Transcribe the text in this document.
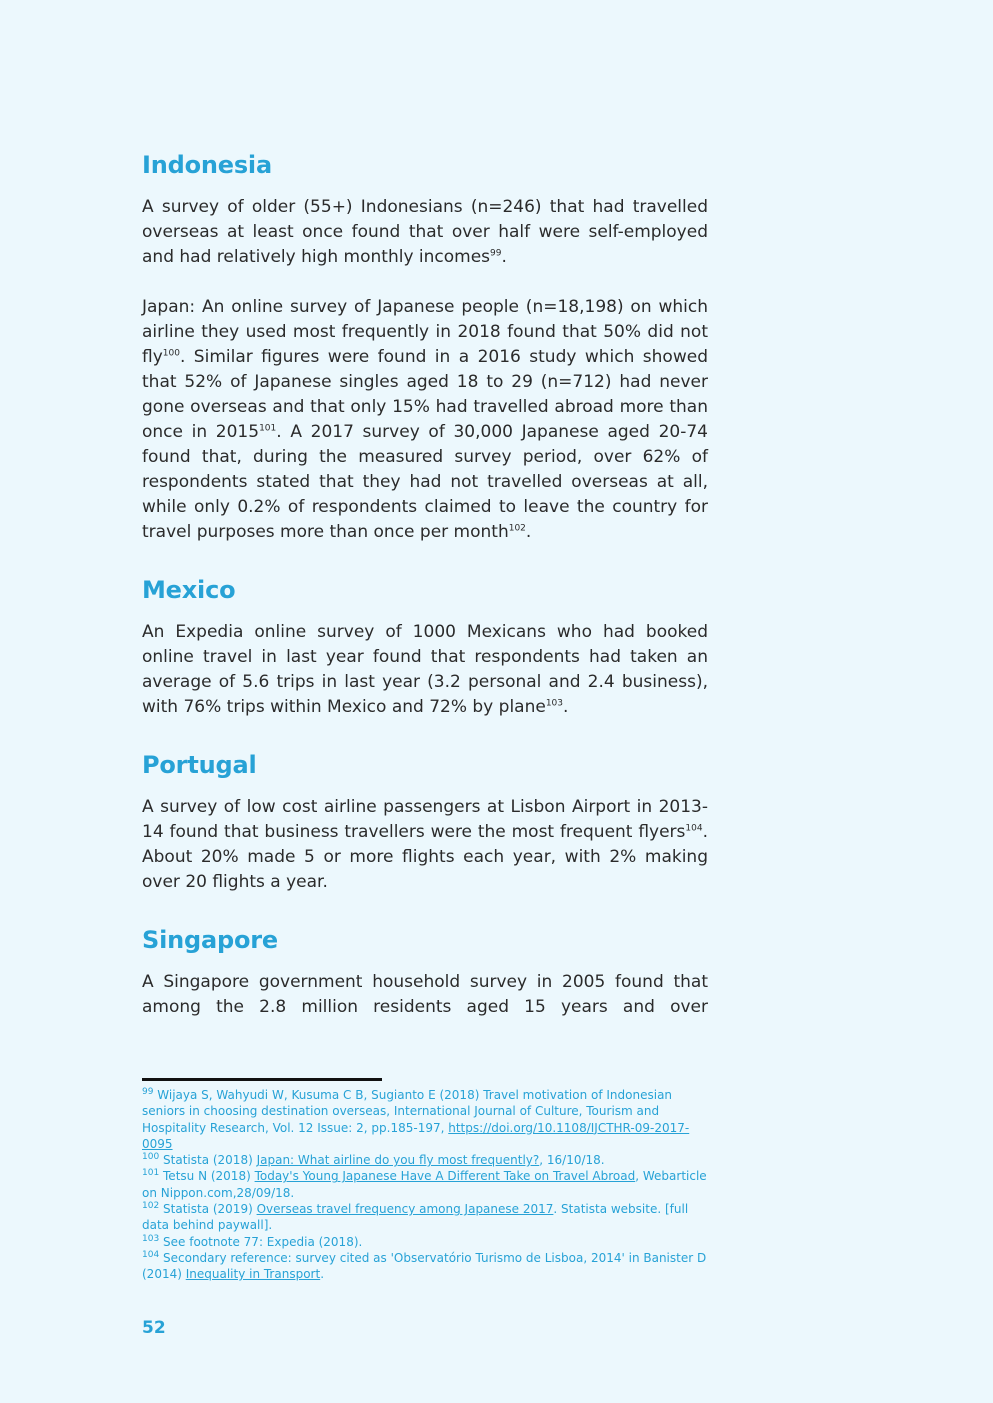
Indonesia

A survey of older (55+) Indonesians (n=246) that had travelled overseas at least once found that over half were self-employed and had relatively high monthly incomes$^{99}$.

Japan: An online survey of Japanese people (n=18,198) on which airline they used most frequently in 2018 found that 50% did not fly$^{100}$. Similar figures were found in a 2016 study which showed that 52% of Japanese singles aged 18 to 29 (n=712) had never gone overseas and that only 15% had travelled abroad more than once in 2015$^{101}$. A 2017 survey of 30,000 Japanese aged 20-74 found that, during the measured survey period, over 62% of respondents stated that they had not travelled overseas at all, while only 0.2% of respondents claimed to leave the country for travel purposes more than once per month$^{102}$.

Mexico

An Expedia online survey of 1000 Mexicans who had booked online travel in last year found that respondents had taken an average of 5.6 trips in last year (3.2 personal and 2.4 business), with 76% trips within Mexico and 72% by plane$^{103}$.

Portugal

A survey of low cost airline passengers at Lisbon Airport in 2013-14 found that business travellers were the most frequent flyers$^{104}$. About 20% made 5 or more flights each year, with 2% making over 20 flights a year.

Singapore

A Singapore government household survey in 2005 found that among the 2.8 million residents aged 15 years and over

$^{99}$ Wijaya S, Wahyudi W, Kusuma C B, Sugianto E (2018) Travel motivation of Indonesian seniors in choosing destination overseas, International Journal of Culture, Tourism and Hospitality Research, Vol. 12 Issue: 2, pp.185-197, https://doi.org/10.1108/IJCTHR-09-2017-0095

$^{100}$ Statista (2018) Japan: What airline do you fly most frequently?, 16/10/18.

$^{101}$ Tetsu N (2018) Today's Young Japanese Have A Different Take on Travel Abroad, Webarticle on Nippon.com,28/09/18.

$^{102}$ Statista (2019) Overseas travel frequency among Japanese 2017. Statista website. [full data behind paywall].

$^{103}$ See footnote 77: Expedia (2018).

$^{104}$ Secondary reference: survey cited as 'Observatório Turismo de Lisboa, 2014' in Banister D (2014) Inequality in Transport.

52
